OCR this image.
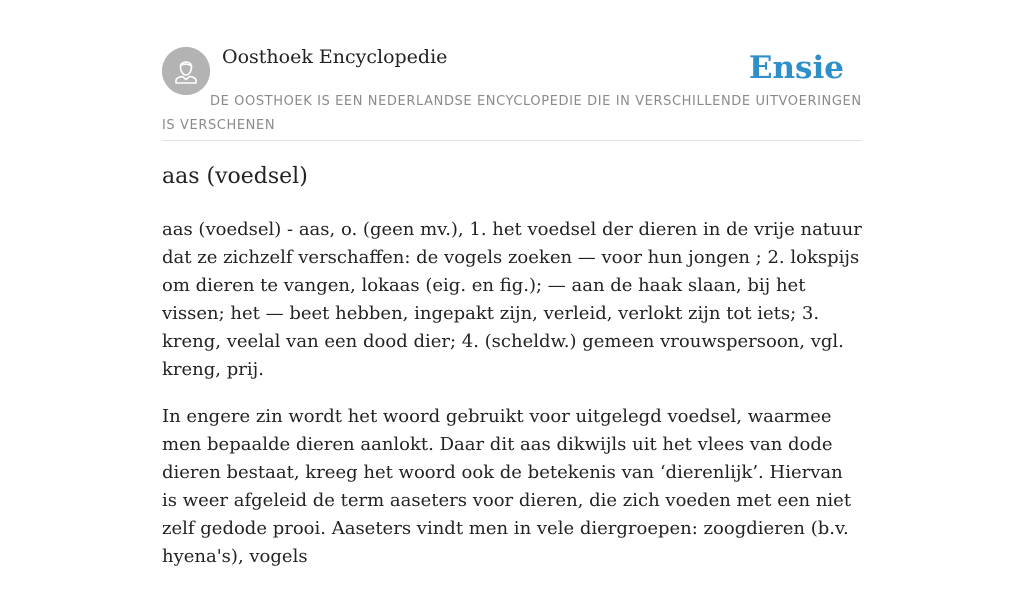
Oosthoek Encyclopedie	Ensie
DE OOSTHOEK IS EEN NEDERLANDSE ENCYCLOPEDIE DIE IN VERSCHILLENDE UITVOERINGEN IS VERSCHENEN
aas (voedsel)

aas (voedsel) - aas, o. (geen mv.), 1. het voedsel der dieren in de vrije natuur dat ze zichzelf verschaffen: de vogels zoeken — voor hun jongen ; 2. lokspijs om dieren te vangen, lokaas (eig. en fig.); — aan de haak slaan, bij het vissen; het — beet hebben, ingepakt zijn, verleid, verlokt zijn tot iets; 3. kreng, veelal van een dood dier; 4. (scheldw.) gemeen vrouwspersoon, vgl. kreng, prij.

In engere zin wordt het woord gebruikt voor uitgelegd voedsel, waarmee men bepaalde dieren aanlokt. Daar dit aas dikwijls uit het vlees van dode dieren bestaat, kreeg het woord ook de betekenis van ‘dierenlijk’. Hiervan is weer afgeleid de term aaseters voor dieren, die zich voeden met een niet zelf gedode prooi. Aaseters vindt men in vele diergroepen: zoogdieren (b.v. hyena's), vogels
